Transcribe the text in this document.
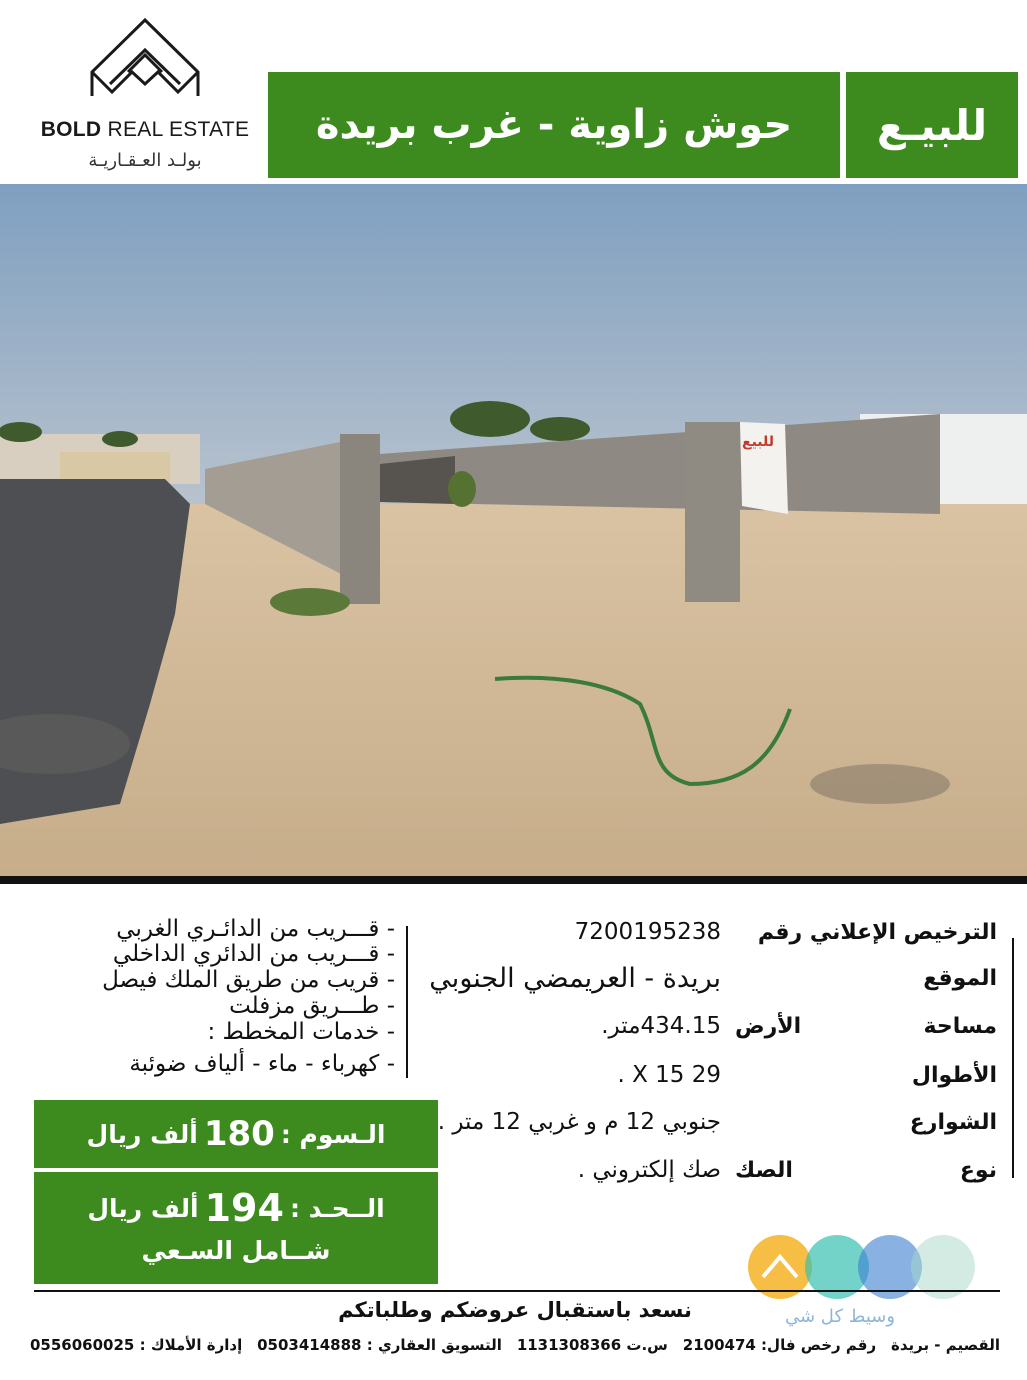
BOLD REAL ESTATE
بولـد العـقـاريـة
حوش زاوية - غرب بريدة	للبيـع
للبيع
الترخيص الإعلاني رقم
7200195238
الموقع
بريدة - العريمضي الجنوبي
مساحة الأرض
434.15متر.
الأطوال
29 X 15 .
الشوارع
جنوبي 12 م و غربي 12 متر .
نوع الصك
صك إلكتروني .
- قـــريب من الدائـري الغربي
- قـــريب من الدائري الداخلي
- قريب من طريق الملك فيصل
- طـــريق مزفلت
- خدمات المخطط :
- كهرباء - ماء - ألياف ضوئبة
الـسوم :
180
ألف ريال
الــحـد :
194
ألف ريال
شــامل السـعي
وسيط كل شي
نسعد باستقبال عروضكم وطلباتكم
القصيم - بريدة
رقم رخص فال: 2100474
س.ت 1131308366
التسويق العقاري : 0503414888
إدارة الأملاك : 0556060025
